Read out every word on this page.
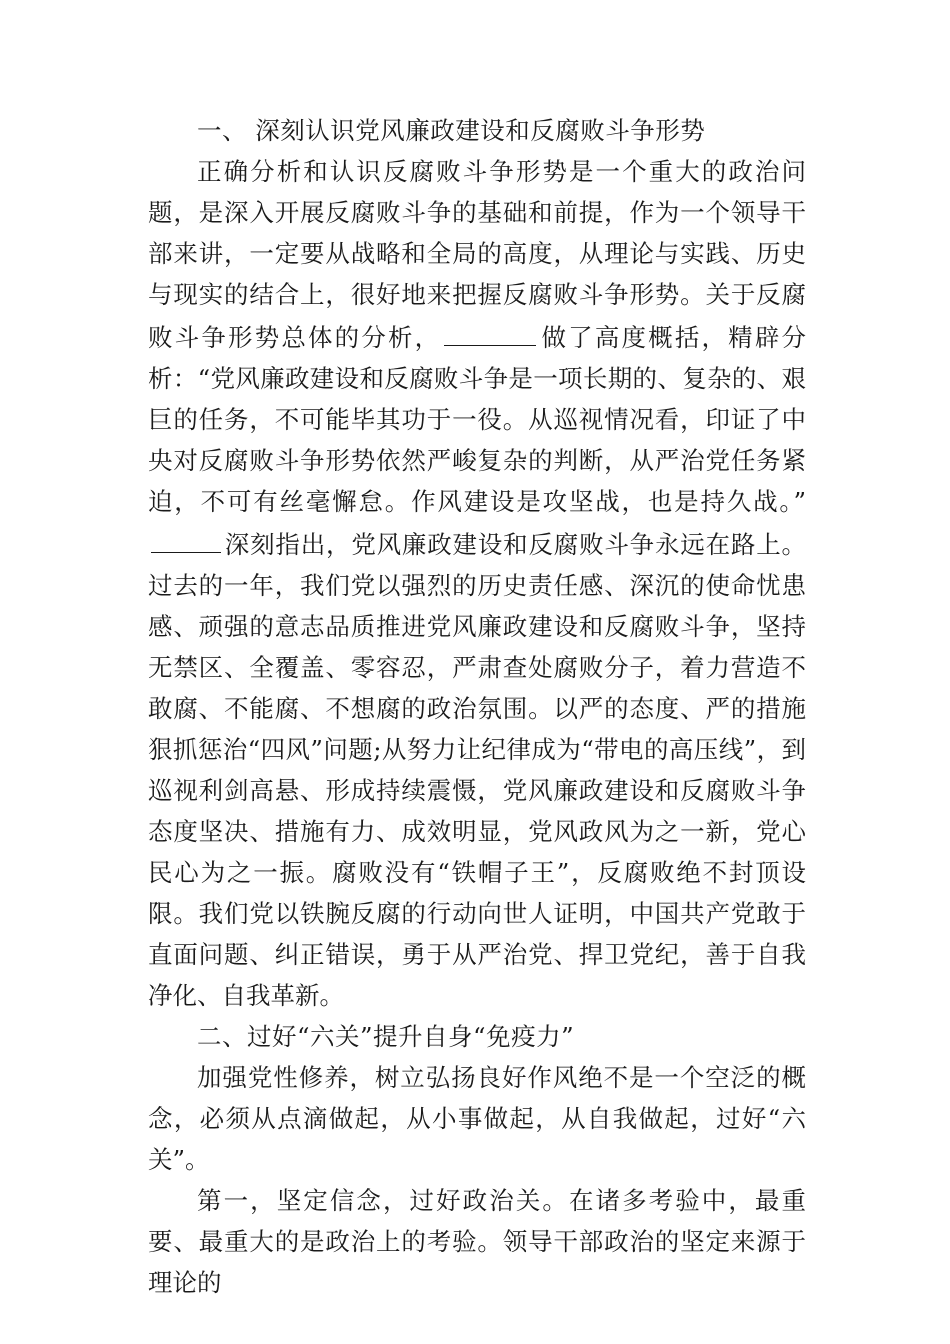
一、 深刻认识党风廉政建设和反腐败斗争形势

正确分析和认识反腐败斗争形势是一个重大的政治问题，是深入开展反腐败斗争的基础和前提，作为一个领导干部来讲，一定要从战略和全局的高度，从理论与实践、历史与现实的结合上，很好地来把握反腐败斗争形势。关于反腐败斗争形势总体的分析，	做了高度概括，精辟分析：“党风廉政建设和反腐败斗争是一项长期的、复杂的、艰巨的任务，不可能毕其功于一役。从巡视情况看，印证了中央对反腐败斗争形势依然严峻复杂的判断，从严治党任务紧迫，不可有丝毫懈怠。作风建设是攻坚战，也是持久战。”深刻指出，党风廉政建设和反腐败斗争永远在路上。 过去的一年，我们党以强烈的历史责任感、深沉的使命忧患感、顽强的意志品质推进党风廉政建设和反腐败斗争，坚持无禁区、全覆盖、零容忍，严肃查处腐败分子，着力营造不敢腐、不能腐、不想腐的政治氛围。以严的态度、严的措施狠抓惩治“四风”问题;从努力让纪律成为“带电的高压线”，到巡视利剑高悬、形成持续震慑，党风廉政建设和反腐败斗争态度坚决、措施有力、成效明显，党风政风为之一新，党心民心为之一振。腐败没有“铁帽子王”，反腐败绝不封顶设限。我们党以铁腕反腐的行动向世人证明，中国共产党敢于直面问题、纠正错误，勇于从严治党、捍卫党纪，善于自我净化、自我革新。

二、过好“六关”提升自身“免疫力”

加强党性修养，树立弘扬良好作风绝不是一个空泛的概念，必须从点滴做起，从小事做起，从自我做起，过好“六关”。

第一，坚定信念，过好政治关。在诸多考验中，最重要、最重大的是政治上的考验。领导干部政治的坚定来源于理论的
